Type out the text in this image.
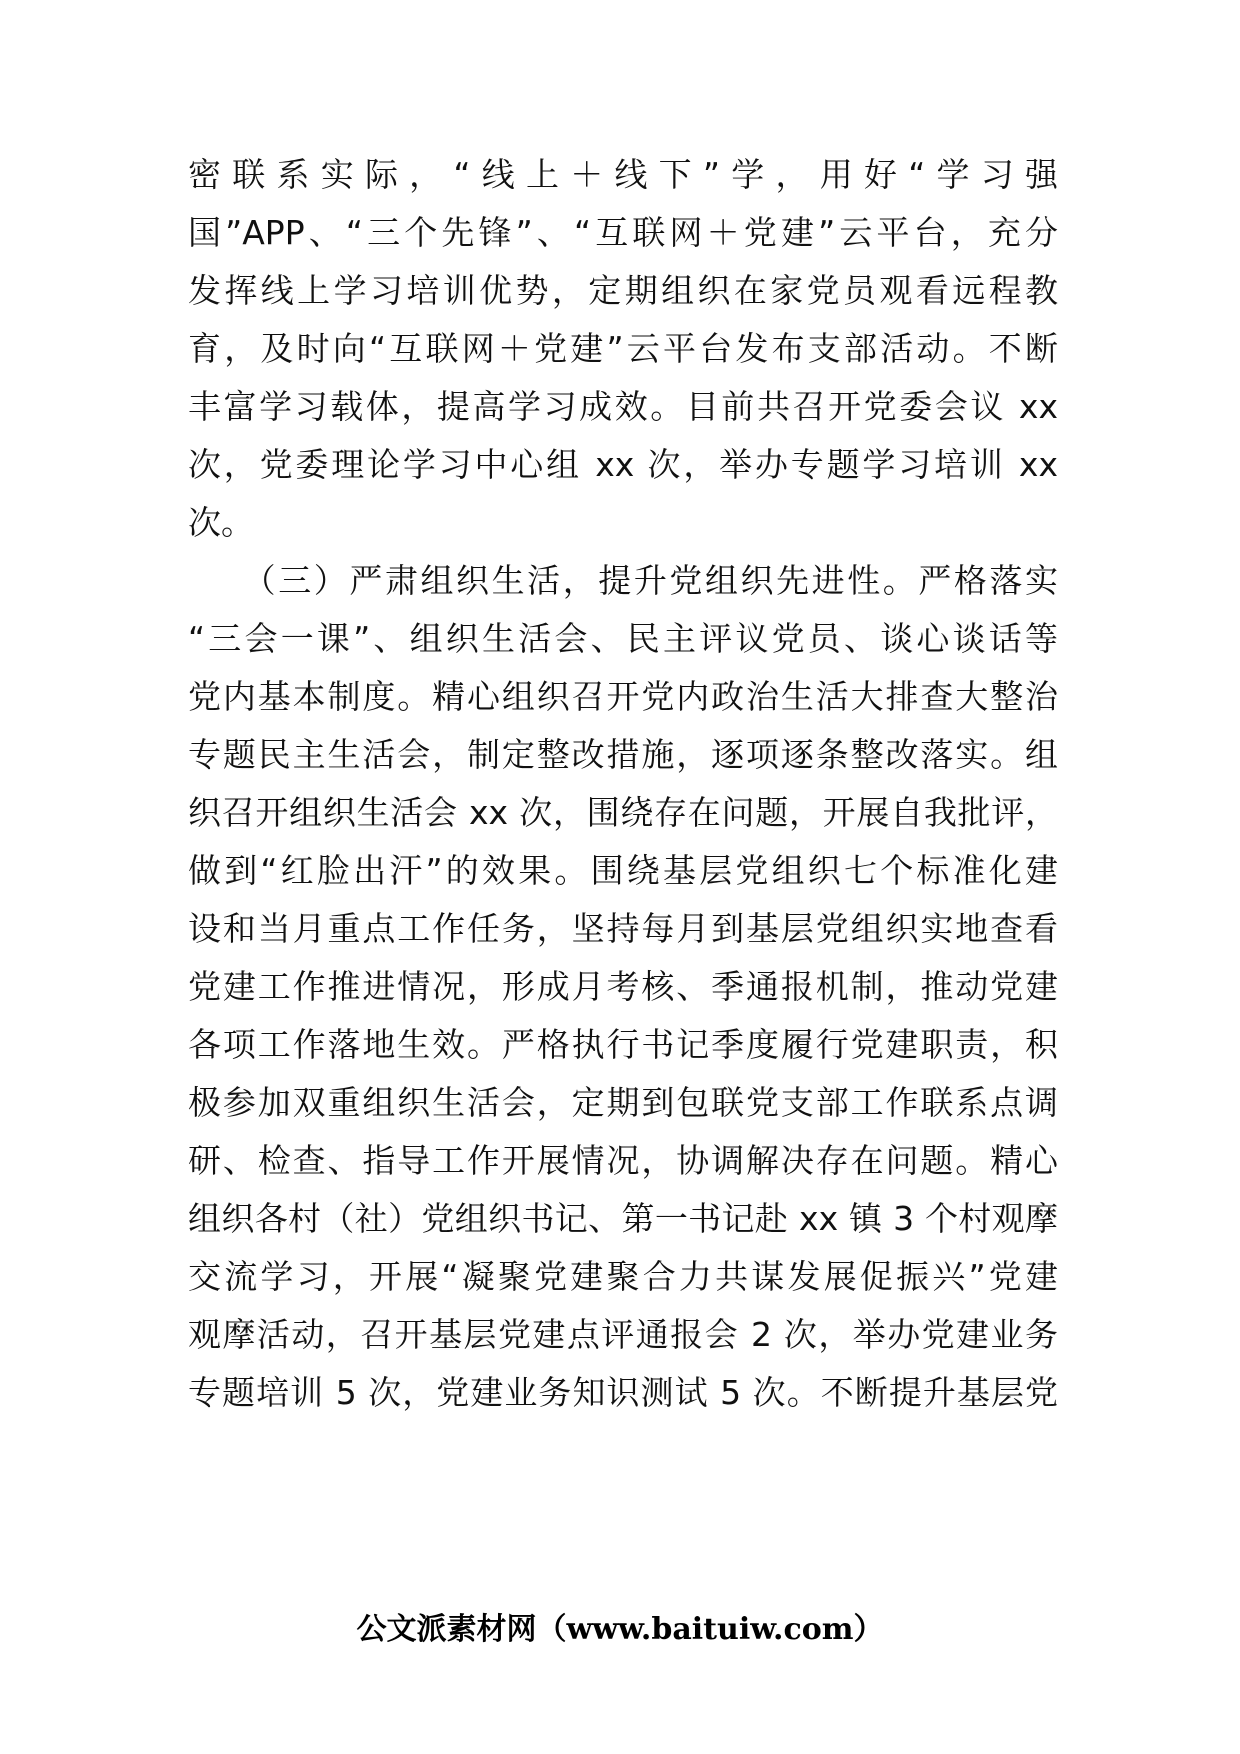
密联系实际，“线上＋线下”学，用好“学习强
国”APP、“三个先锋”、“互联网＋党建”云平台，充分
发挥线上学习培训优势，定期组织在家党员观看远程教
育，及时向“互联网＋党建”云平台发布支部活动。不断
丰富学习载体，提高学习成效。目前共召开党委会议 xx
次，党委理论学习中心组 xx 次，举办专题学习培训 xx
次。
　　（三）严肃组织生活，提升党组织先进性。严格落实
“三会一课”、组织生活会、民主评议党员、谈心谈话等
党内基本制度。精心组织召开党内政治生活大排查大整治
专题民主生活会，制定整改措施，逐项逐条整改落实。组
织召开组织生活会 xx 次，围绕存在问题，开展自我批评，
做到“红脸出汗”的效果。围绕基层党组织七个标准化建
设和当月重点工作任务，坚持每月到基层党组织实地查看
党建工作推进情况，形成月考核、季通报机制，推动党建
各项工作落地生效。严格执行书记季度履行党建职责，积
极参加双重组织生活会，定期到包联党支部工作联系点调
研、检查、指导工作开展情况，协调解决存在问题。精心
组织各村（社）党组织书记、第一书记赴 xx 镇 3 个村观摩
交流学习，开展“凝聚党建聚合力共谋发展促振兴”党建
观摩活动，召开基层党建点评通报会 2 次，举办党建业务
专题培训 5 次，党建业务知识测试 5 次。不断提升基层党
公文派素材网（www.baituiw.com）
